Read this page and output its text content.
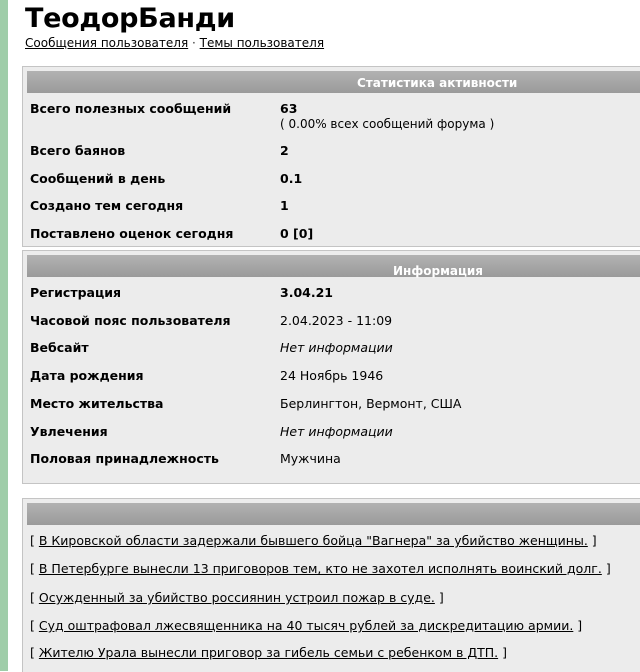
ТеодорБанди
Сообщения пользователя · Темы пользователя
Статистика активности
Всего полезных сообщений	63
( 0.00% всех сообщений форума )
Всего баянов	2
Сообщений в день	0.1
Создано тем сегодня	1
Поставлено оценок сегодня	0 [0]
Информация
Регистрация	3.04.21
Часовой пояс пользователя	2.04.2023 - 11:09
Вебсайт	Нет информации
Дата рождения	24 Ноябрь 1946
Место жительства	Берлингтон, Вермонт, США
Увлечения	Нет информации
Половая принадлежность	Мужчина
[ В Кировской области задержали бывшего бойца "Вагнера" за убийство женщины. ]
[ В Петербурге вынесли 13 приговоров тем, кто не захотел исполнять воинский долг. ]
[ Осужденный за убийство россиянин устроил пожар в суде. ]
[ Суд оштрафовал лжесвященника на 40 тысяч рублей за дискредитацию армии. ]
[ Жителю Урала вынесли приговор за гибель семьи с ребенком в ДТП. ]
